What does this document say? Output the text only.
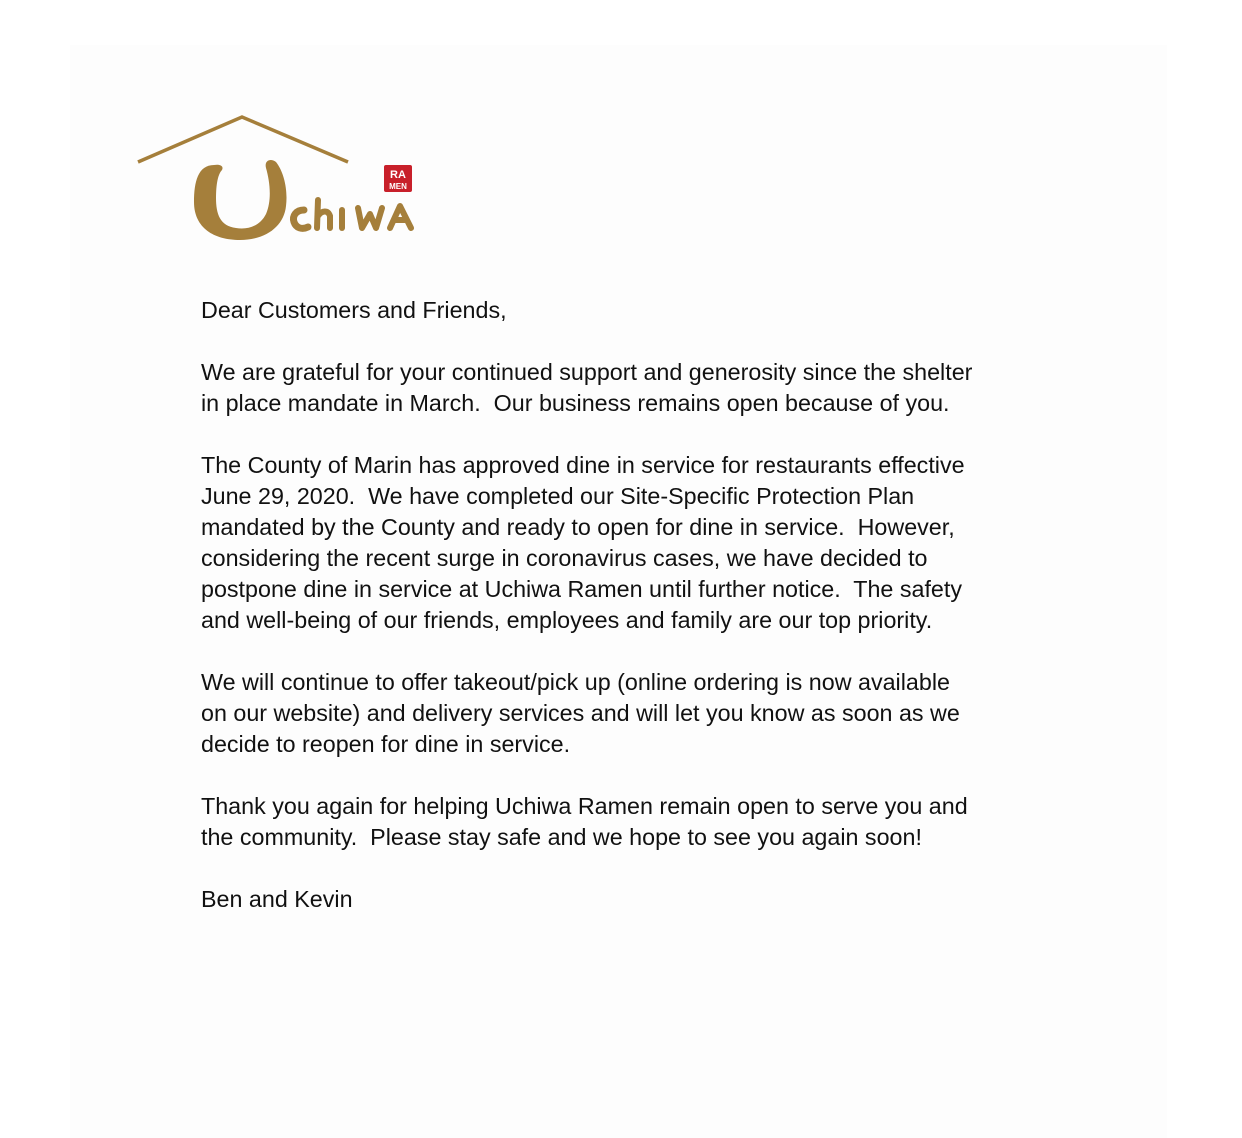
RA
MEN

Dear Customers and Friends,

We are grateful for your continued support and generosity since the shelter
in place mandate in March.  Our business remains open because of you.

The County of Marin has approved dine in service for restaurants effective
June 29, 2020.  We have completed our Site-Specific Protection Plan
mandated by the County and ready to open for dine in service.  However,
considering the recent surge in coronavirus cases, we have decided to
postpone dine in service at Uchiwa Ramen until further notice.  The safety
and well-being of our friends, employees and family are our top priority.

We will continue to offer takeout/pick up (online ordering is now available
on our website) and delivery services and will let you know as soon as we
decide to reopen for dine in service.

Thank you again for helping Uchiwa Ramen remain open to serve you and
the community.  Please stay safe and we hope to see you again soon!

Ben and Kevin
